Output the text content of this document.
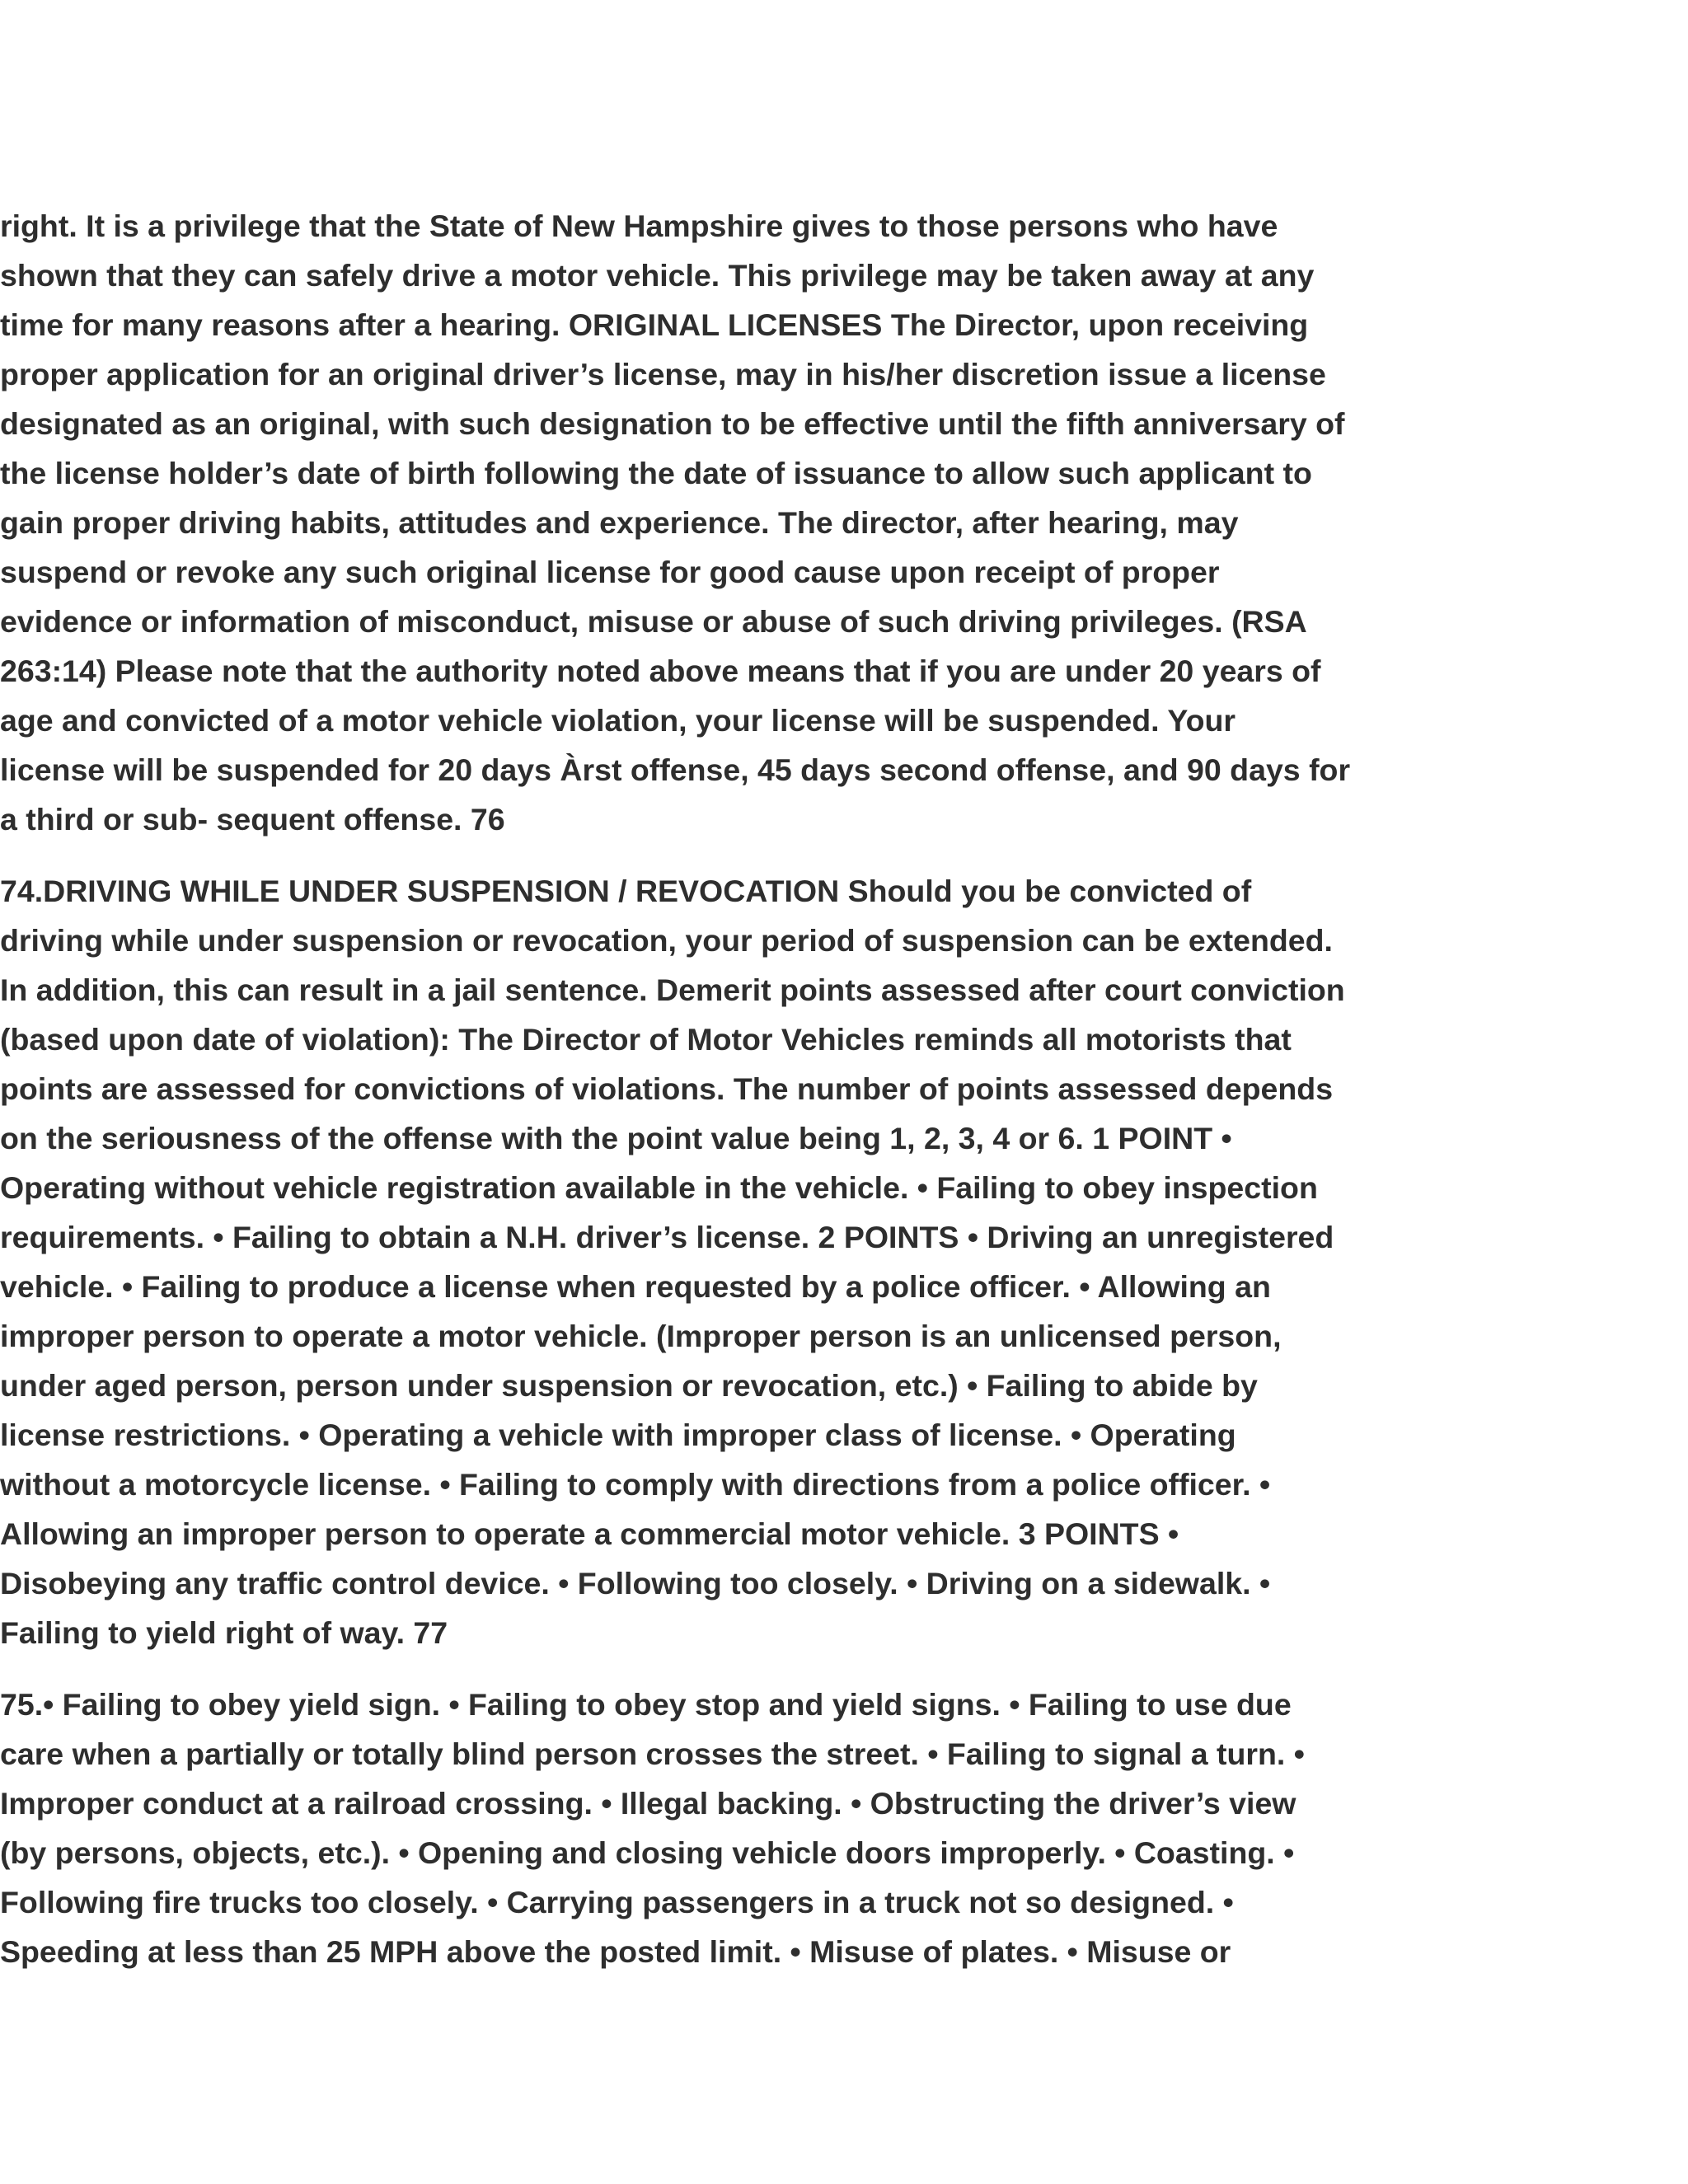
right. It is a privilege that the State of New Hampshire gives to those persons who have
shown that they can safely drive a motor vehicle. This privilege may be taken away at any
time for many reasons after a hearing. ORIGINAL LICENSES The Director, upon receiving
proper application for an original driver’s license, may in his/her discretion issue a license
designated as an original, with such designation to be effective until the fifth anniversary of
the license holder’s date of birth following the date of issuance to allow such applicant to
gain proper driving habits, attitudes and experience. The director, after hearing, may
suspend or revoke any such original license for good cause upon receipt of proper
evidence or information of misconduct, misuse or abuse of such driving privileges. (RSA
263:14) Please note that the authority noted above means that if you are under 20 years of
age and convicted of a motor vehicle violation, your license will be suspended. Your
license will be suspended for 20 days Àrst offense, 45 days second offense, and 90 days for
a third or sub- sequent offense. 76
74.DRIVING WHILE UNDER SUSPENSION / REVOCATION Should you be convicted of
driving while under suspension or revocation, your period of suspension can be extended.
In addition, this can result in a jail sentence. Demerit points assessed after court conviction
(based upon date of violation): The Director of Motor Vehicles reminds all motorists that
points are assessed for convictions of violations. The number of points assessed depends
on the seriousness of the offense with the point value being 1, 2, 3, 4 or 6. 1 POINT •
Operating without vehicle registration available in the vehicle. • Failing to obey inspection
requirements. • Failing to obtain a N.H. driver’s license. 2 POINTS • Driving an unregistered
vehicle. • Failing to produce a license when requested by a police officer. • Allowing an
improper person to operate a motor vehicle. (Improper person is an unlicensed person,
under aged person, person under suspension or revocation, etc.) • Failing to abide by
license restrictions. • Operating a vehicle with improper class of license. • Operating
without a motorcycle license. • Failing to comply with directions from a police officer. •
Allowing an improper person to operate a commercial motor vehicle. 3 POINTS •
Disobeying any traffic control device. • Following too closely. • Driving on a sidewalk. •
Failing to yield right of way. 77
75.• Failing to obey yield sign. • Failing to obey stop and yield signs. • Failing to use due
care when a partially or totally blind person crosses the street. • Failing to signal a turn. •
Improper conduct at a railroad crossing. • Illegal backing. • Obstructing the driver’s view
(by persons, objects, etc.). • Opening and closing vehicle doors improperly. • Coasting. •
Following fire trucks too closely. • Carrying passengers in a truck not so designed. •
Speeding at less than 25 MPH above the posted limit. • Misuse of plates. • Misuse or
